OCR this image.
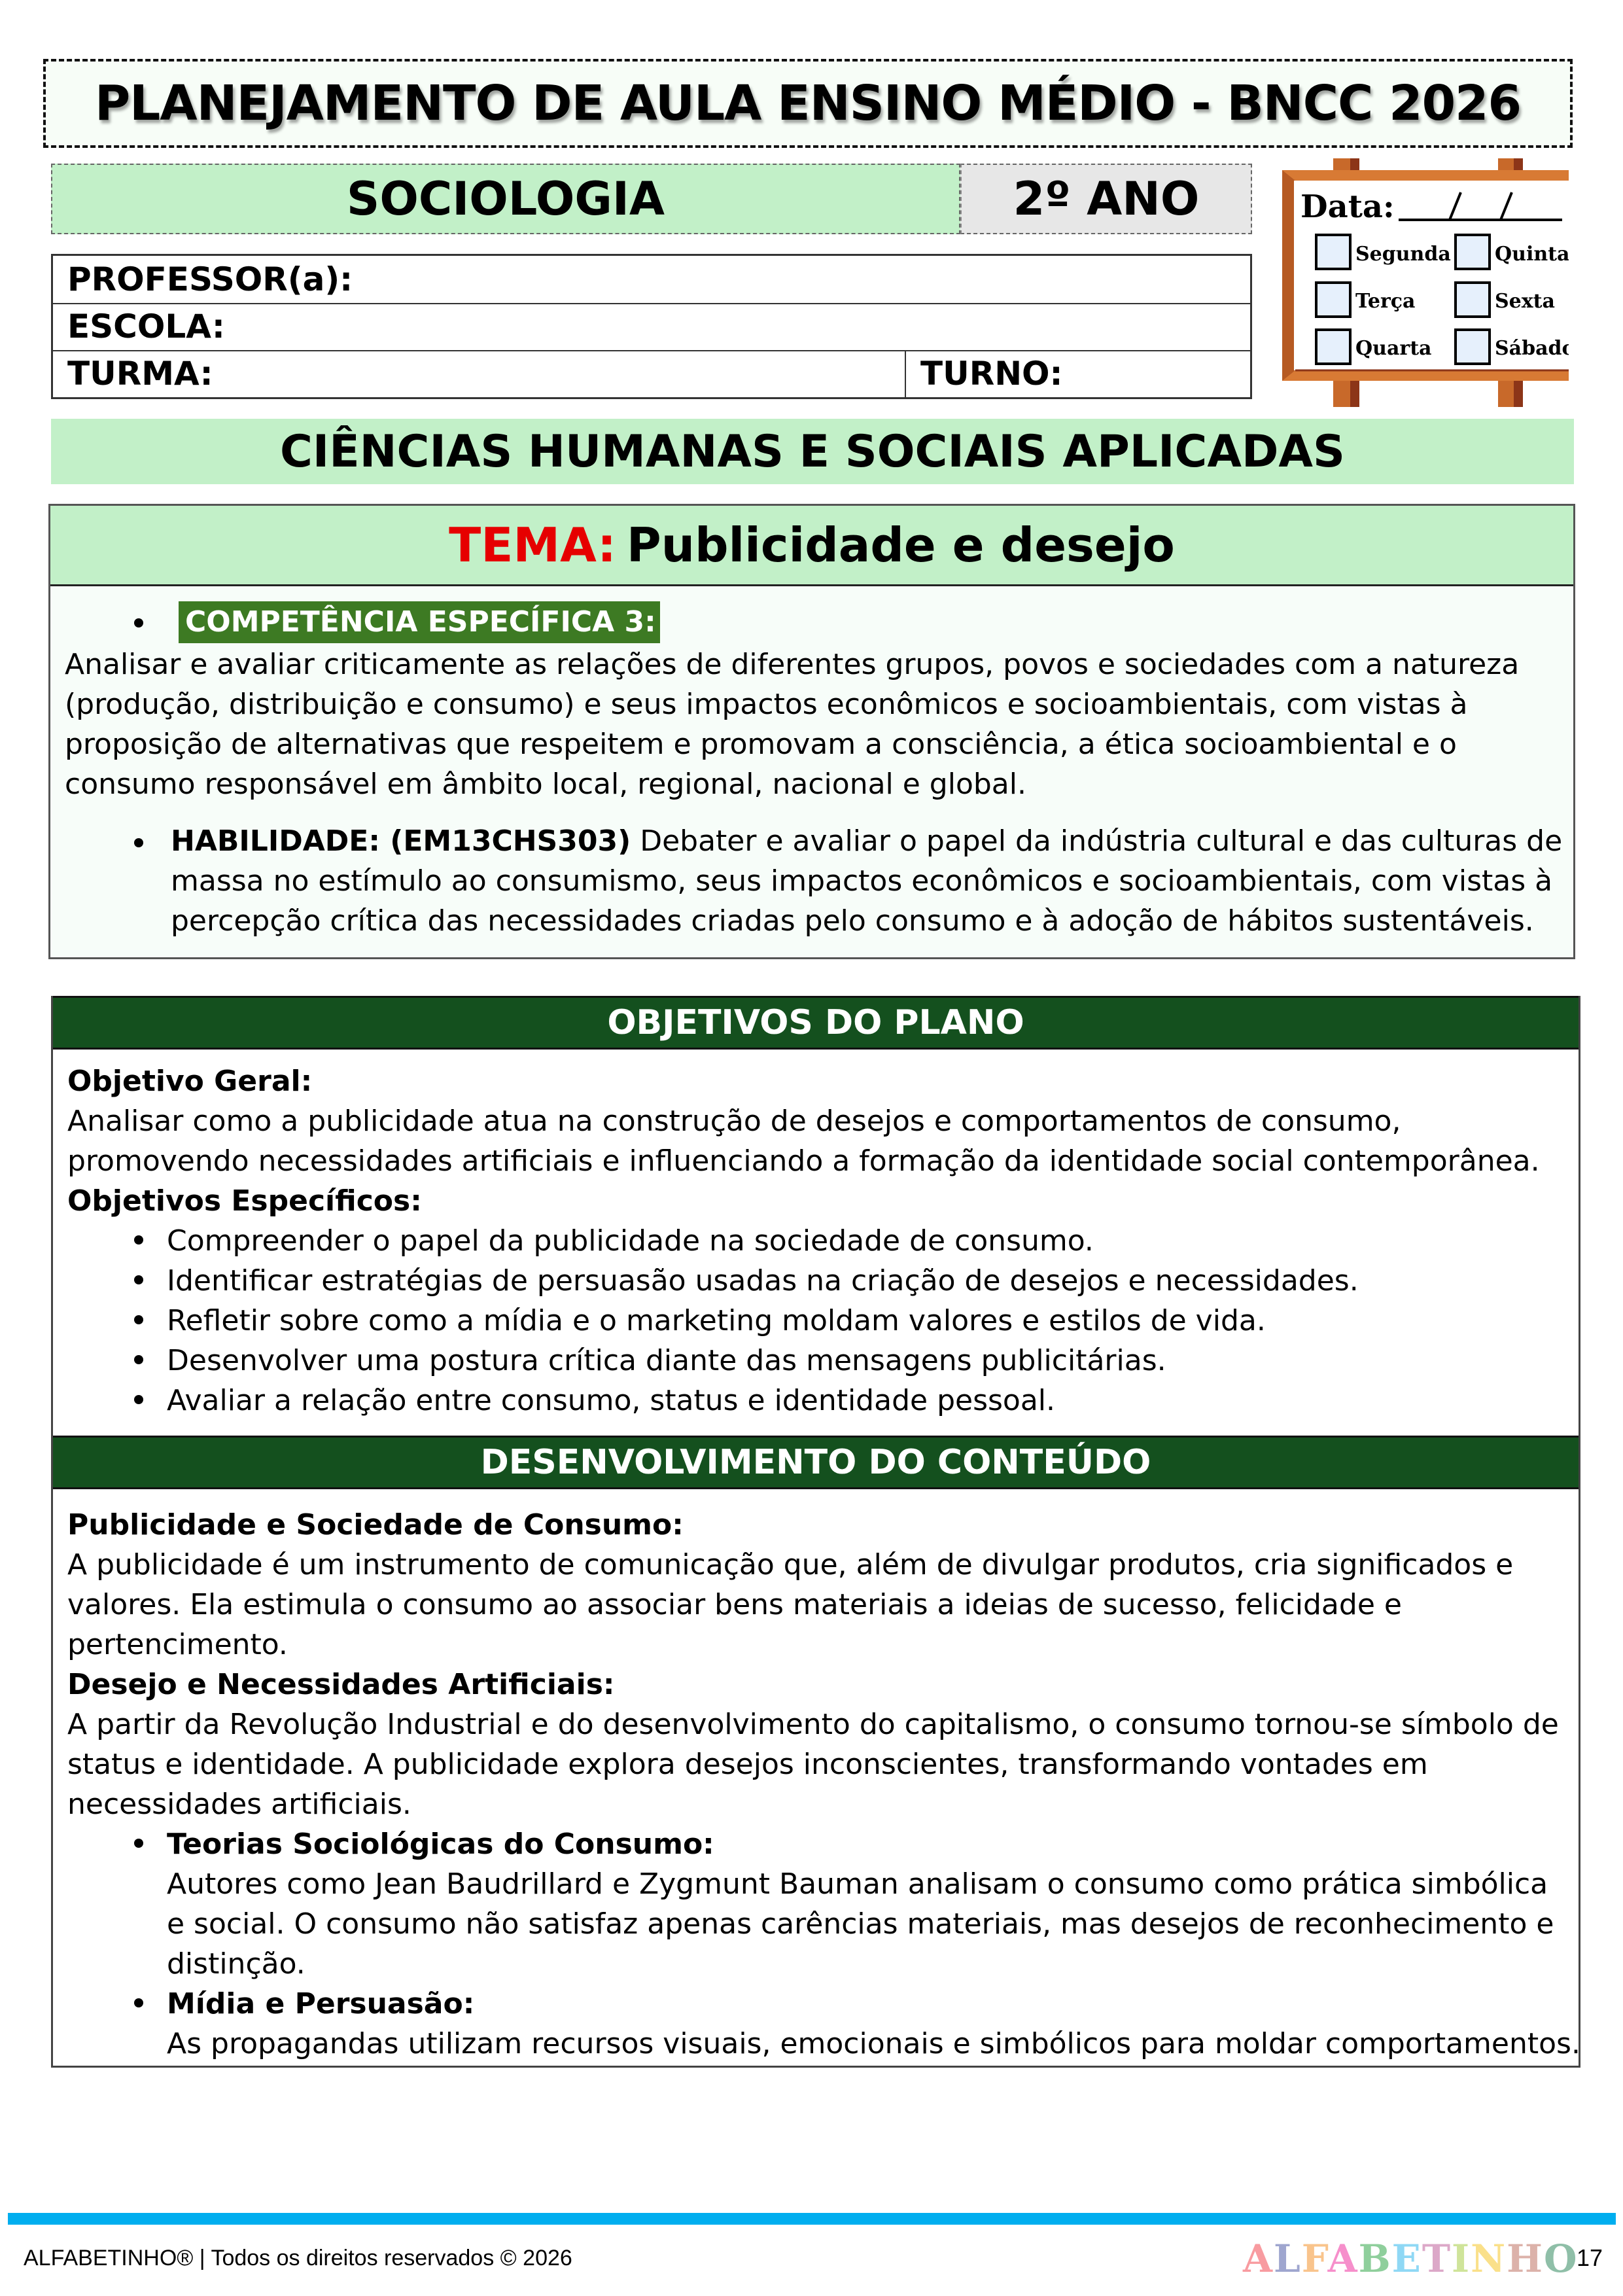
PLANEJAMENTO DE AULA ENSINO MÉDIO - BNCC 2026
SOCIOLOGIA	2º ANO
PROFESSOR(a):
ESCOLA:
TURMA:	TURNO:
Data:
Segunda Quinta
Terça	Sexta
Quarta	Sábado
CIÊNCIAS HUMANAS E SOCIAIS APLICADAS
TEMA: Publicidade e desejo
COMPETÊNCIA ESPECÍFICA 3:
Analisar e avaliar criticamente as relações de diferentes grupos, povos e sociedades com a natureza (produção, distribuição e consumo) e seus impactos econômicos e socioambientais, com vistas à proposição de alternativas que respeitem e promovam a consciência, a ética socioambiental e o consumo responsável em âmbito local, regional, nacional e global.
HABILIDADE: (EM13CHS303) Debater e avaliar o papel da indústria cultural e das culturas de massa no estímulo ao consumismo, seus impactos econômicos e socioambientais, com vistas à percepção crítica das necessidades criadas pelo consumo e à adoção de hábitos sustentáveis.
OBJETIVOS DO PLANO
Objetivo Geral:
Analisar como a publicidade atua na construção de desejos e comportamentos de consumo, promovendo necessidades artificiais e influenciando a formação da identidade social contemporânea.
Objetivos Específicos:
Compreender o papel da publicidade na sociedade de consumo.
Identificar estratégias de persuasão usadas na criação de desejos e necessidades.
Refletir sobre como a mídia e o marketing moldam valores e estilos de vida.
Desenvolver uma postura crítica diante das mensagens publicitárias.
Avaliar a relação entre consumo, status e identidade pessoal.
DESENVOLVIMENTO DO CONTEÚDO
Publicidade e Sociedade de Consumo:
A publicidade é um instrumento de comunicação que, além de divulgar produtos, cria significados e valores. Ela estimula o consumo ao associar bens materiais a ideias de sucesso, felicidade e pertencimento.
Desejo e Necessidades Artificiais:
A partir da Revolução Industrial e do desenvolvimento do capitalismo, o consumo tornou-se símbolo de status e identidade. A publicidade explora desejos inconscientes, transformando vontades em necessidades artificiais.
Teorias Sociológicas do Consumo:
Autores como Jean Baudrillard e Zygmunt Bauman analisam o consumo como prática simbólica e social. O consumo não satisfaz apenas carências materiais, mas desejos de reconhecimento e distinção.
Mídia e Persuasão:
As propagandas utilizam recursos visuais, emocionais e simbólicos para moldar comportamentos.
ALFABETINHO® | Todos os direitos reservados © 2026	ALFABETINHO
17
